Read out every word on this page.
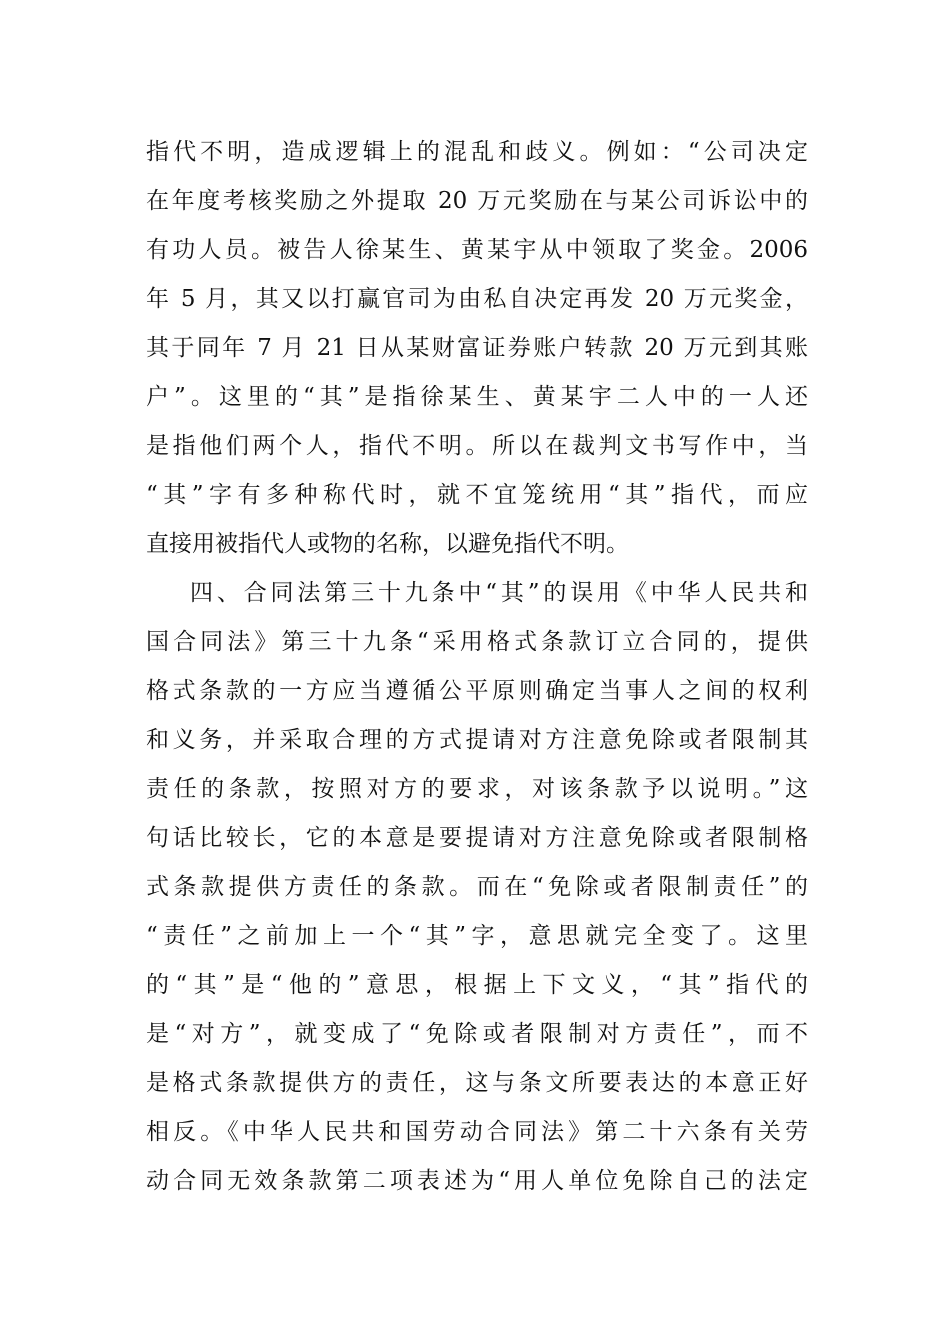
指代不明，造成逻辑上的混乱和歧义。例如：“公司决定
在年度考核奖励之外提取 20 万元奖励在与某公司诉讼中的
有功人员。被告人徐某生、黄某宇从中领取了奖金。2006
年 5 月，其又以打赢官司为由私自决定再发 20 万元奖金，
其于同年 7 月 21 日从某财富证券账户转款 20 万元到其账
户”。这里的“其”是指徐某生、黄某宇二人中的一人还
是指他们两个人，指代不明。所以在裁判文书写作中，当
“其”字有多种称代时，就不宜笼统用“其”指代，而应
直接用被指代人或物的名称，以避免指代不明。
四、合同法第三十九条中“其”的误用《中华人民共和
国合同法》第三十九条“采用格式条款订立合同的，提供
格式条款的一方应当遵循公平原则确定当事人之间的权利
和义务，并采取合理的方式提请对方注意免除或者限制其
责任的条款，按照对方的要求，对该条款予以说明。”这
句话比较长，它的本意是要提请对方注意免除或者限制格
式条款提供方责任的条款。而在“免除或者限制责任”的
“责任”之前加上一个“其”字，意思就完全变了。这里
的“其”是“他的”意思，根据上下文义，“其”指代的
是“对方”，就变成了“免除或者限制对方责任”，而不
是格式条款提供方的责任，这与条文所要表达的本意正好
相反。《中华人民共和国劳动合同法》第二十六条有关劳
动合同无效条款第二项表述为“用人单位免除自己的法定
